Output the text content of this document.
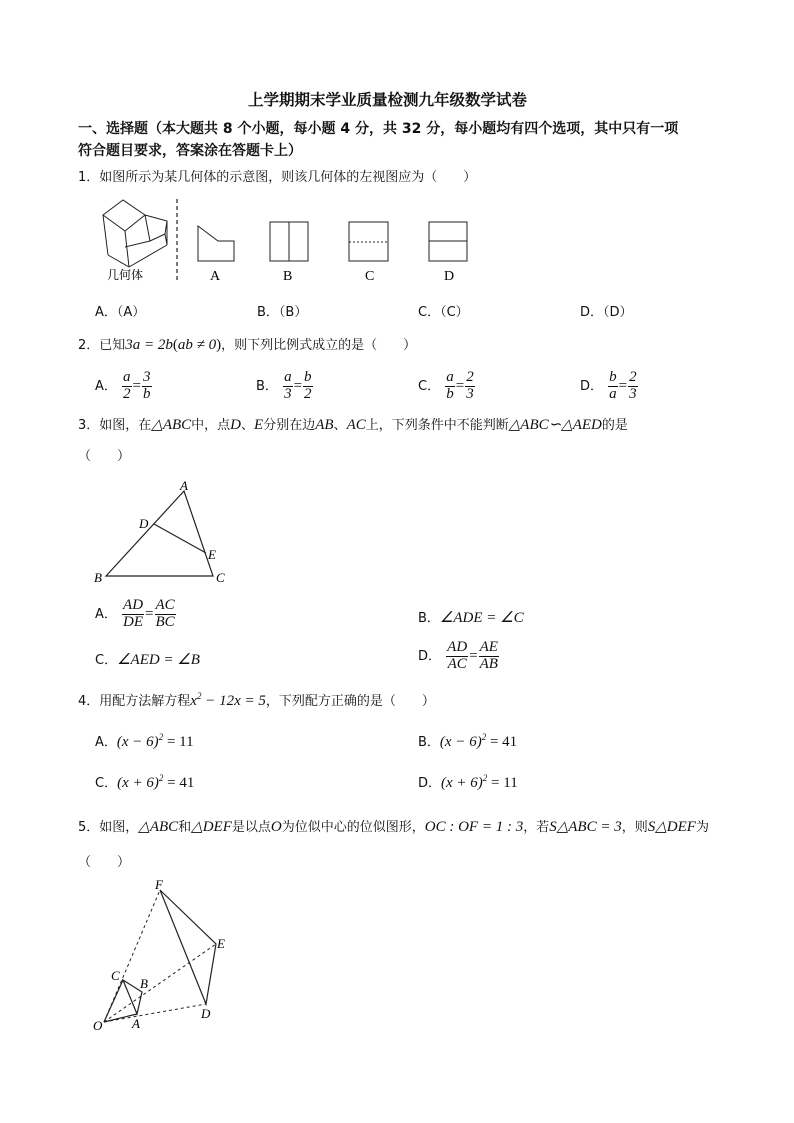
上学期期末学业质量检测九年级数学试卷
一、选择题（本大题共 8 个小题，每小题 4 分，共 32 分，每小题均有四个选项，其中只有一项
符合题目要求，答案涂在答题卡上）
1．如图所示为某几何体的示意图，则该几何体的左视图应为（　　）
几何体	A	B	C	D
A．（A）	B．（B）	C．（C）	D．（D）
2．已知3a = 2b(ab ≠ 0)，则下列比例式成立的是（　　）
A． $\frac{a}{2} = \frac{3}{b}$	B． $\frac{a}{3} = \frac{b}{2}$	C． $\frac{a}{b} = \frac{2}{3}$	D． $\frac{b}{a} = \frac{2}{3}$
3．如图，在△ABC中，点D、E分别在边AB、AC上，下列条件中不能判断△ABC∽△AED的是
（　　）
A
D
E
B	C
A． $\frac{AD}{DE} = \frac{AC}{BC}$	B．∠ADE = ∠C
C．∠AED = ∠B	D． $\frac{AD}{AC} = \frac{AE}{AB}$
4．用配方法解方程$x^2 - 12x = 5$，下列配方正确的是（　　）
A．$(x - 6)^2 = 11$	B．$(x - 6)^2 = 41$
C．$(x + 6)^2 = 41$	D．$(x + 6)^2 = 11$
5．如图，△ABC和△DEF是以点O为位似中心的位似图形，OC : OF = 1 : 3，若S△ABC = 3，则S△DEF为
（　　）
F
E
C
B
O A
D
